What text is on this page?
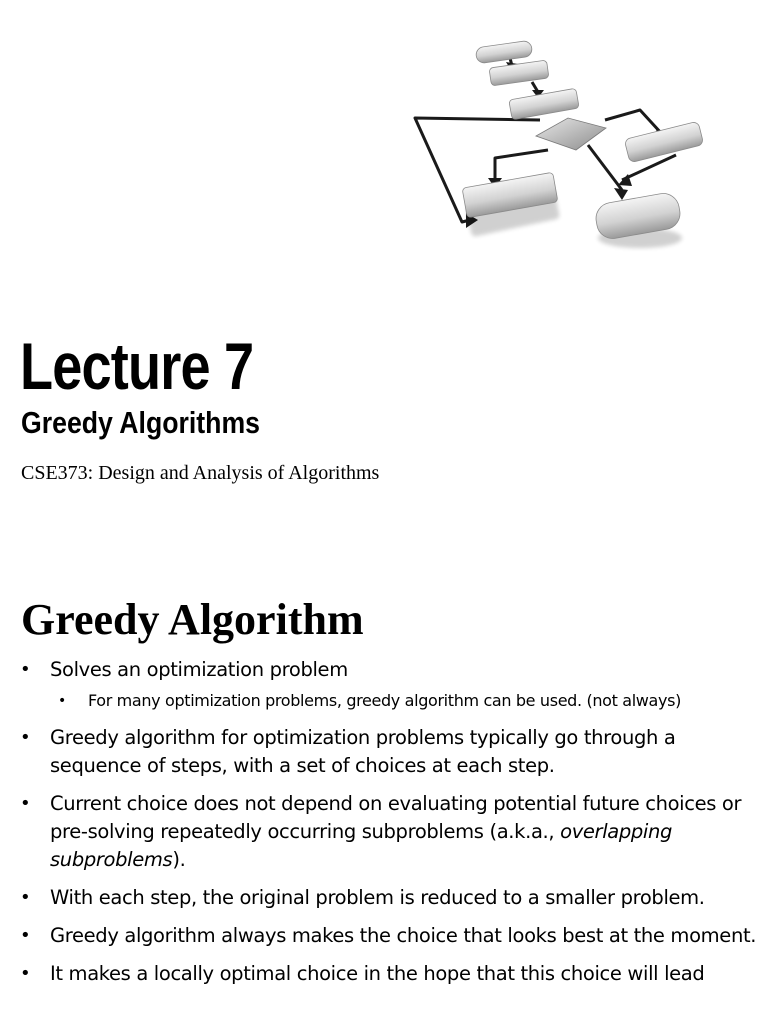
Lecture 7
Greedy Algorithms

CSE373: Design and Analysis of Algorithms

Greedy Algorithm
• Solves an optimization problem
• For many optimization problems, greedy algorithm can be used. (not always)
• Greedy algorithm for optimization problems typically go through a sequence of steps, with a set of choices at each step.
• Current choice does not depend on evaluating potential future choices or pre-solving repeatedly occurring subproblems (a.k.a., overlapping subproblems).
• With each step, the original problem is reduced to a smaller problem.
• Greedy algorithm always makes the choice that looks best at the moment.
• It makes a locally optimal choice in the hope that this choice will lead
